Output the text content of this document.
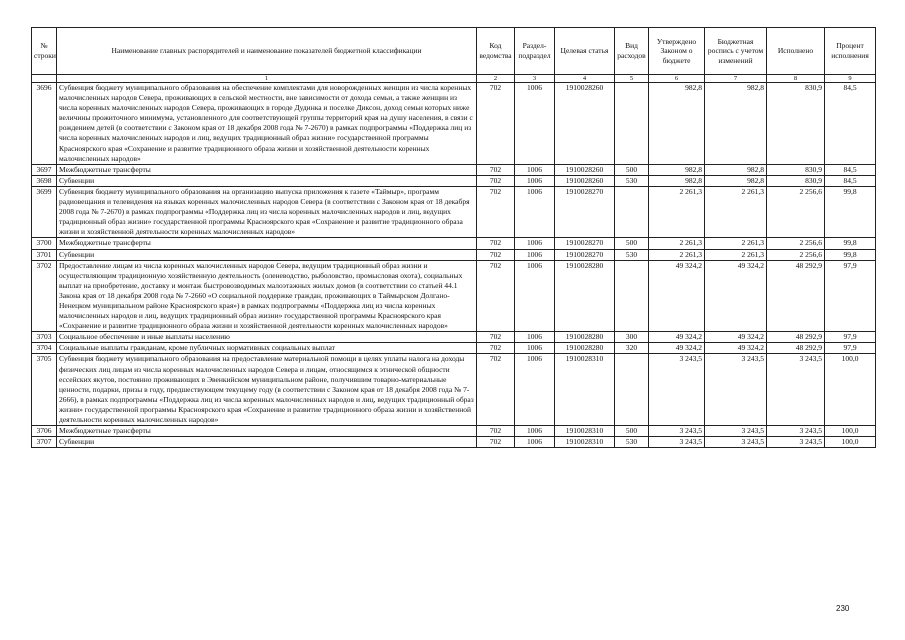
№ строки	Наименование главных распорядителей и наименование показателей бюджетной классификации	Код ведомства	Раздел-подраздел	Целевая статья	Вид расходов	Утверждено Законом о бюджете	Бюджетная роспись с учетом изменений	Исполнено	Процент исполнения
	1	2	3	4	5	6	7	8	9
3696	Субвенция бюджету муниципального образования на обеспечение комплектами для новорожденных женщин из числа коренных малочисленных народов Севера, проживающих в сельской местности, вне зависимости от дохода семьи, а также женщин из числа коренных малочисленных народов Севера, проживающих в городе Дудинка и поселке Диксон, доход семьи которых ниже величины прожиточного минимума, установленного для соответствующей группы территорий края на душу населения, в связи с рождением детей (в соответствии с Законом края от 18 декабря 2008 года № 7-2670) в рамках подпрограммы «Поддержка лиц из числа коренных малочисленных народов и лиц, ведущих традиционный образ жизни» государственной программы Красноярского края «Сохранение и развитие традиционного образа жизни и хозяйственной деятельности коренных малочисленных народов»	702	1006	1910028260		982,8	982,8	830,9	84,5
3697	Межбюджетные трансферты	702	1006	1910028260	500	982,8	982,8	830,9	84,5
3698	Субвенции	702	1006	1910028260	530	982,8	982,8	830,9	84,5
3699	Субвенция бюджету муниципального образования на организацию выпуска приложения к газете «Таймыр», программ радиовещания и телевидения на языках коренных малочисленных народов Севера (в соответствии с Законом края от 18 декабря 2008 года № 7-2670) в рамках подпрограммы «Поддержка лиц из числа коренных малочисленных народов и лиц, ведущих традиционный образ жизни» государственной программы Красноярского края «Сохранение и развитие традиционного образа жизни и хозяйственной деятельности коренных малочисленных народов»	702	1006	1910028270		2 261,3	2 261,3	2 256,6	99,8
3700	Межбюджетные трансферты	702	1006	1910028270	500	2 261,3	2 261,3	2 256,6	99,8
3701	Субвенции	702	1006	1910028270	530	2 261,3	2 261,3	2 256,6	99,8
3702	Предоставление лицам из числа коренных малочисленных народов Севера, ведущим традиционный образ жизни и осуществляющим традиционную хозяйственную деятельность (оленеводство, рыболовство, промысловая охота), социальных выплат на приобретение, доставку и монтаж быстровозводимых малоэтажных жилых домов (в соответствии со статьей 44.1 Закона края от 18 декабря 2008 года № 7-2660 «О социальной поддержке граждан, проживающих в Таймырском Долгано-Ненецком муниципальном районе Красноярского края») в рамках подпрограммы «Поддержка лиц из числа коренных малочисленных народов и лиц, ведущих традиционный образ жизни» государственной программы Красноярского края «Сохранение и развитие традиционного образа жизни и хозяйственной деятельности коренных малочисленных народов»	702	1006	1910028280		49 324,2	49 324,2	48 292,9	97,9
3703	Социальное обеспечение и иные выплаты населению	702	1006	1910028280	300	49 324,2	49 324,2	48 292,9	97,9
3704	Социальные выплаты гражданам, кроме публичных нормативных социальных выплат	702	1006	1910028280	320	49 324,2	49 324,2	48 292,9	97,9
3705	Субвенция бюджету муниципального образования на предоставление материальной помощи в целях уплаты налога на доходы физических лиц лицам из числа коренных малочисленных народов Севера и лицам, относящимся к этнической общности ессейских якутов, постоянно проживающих в Эвенкийском муниципальном районе, получившим товарно-материальные ценности, подарки, призы в году, предшествующем текущему году (в соответствии с Законом края от 18 декабря 2008 года № 7-2666), в рамках подпрограммы «Поддержка лиц из числа коренных малочисленных народов и лиц, ведущих традиционный образ жизни» государственной программы Красноярского края «Сохранение и развитие традиционного образа жизни и хозяйственной деятельности коренных малочисленных народов»	702	1006	1910028310		3 243,5	3 243,5	3 243,5	100,0
3706	Межбюджетные трансферты	702	1006	1910028310	500	3 243,5	3 243,5	3 243,5	100,0
3707	Субвенции	702	1006	1910028310	530	3 243,5	3 243,5	3 243,5	100,0
230
